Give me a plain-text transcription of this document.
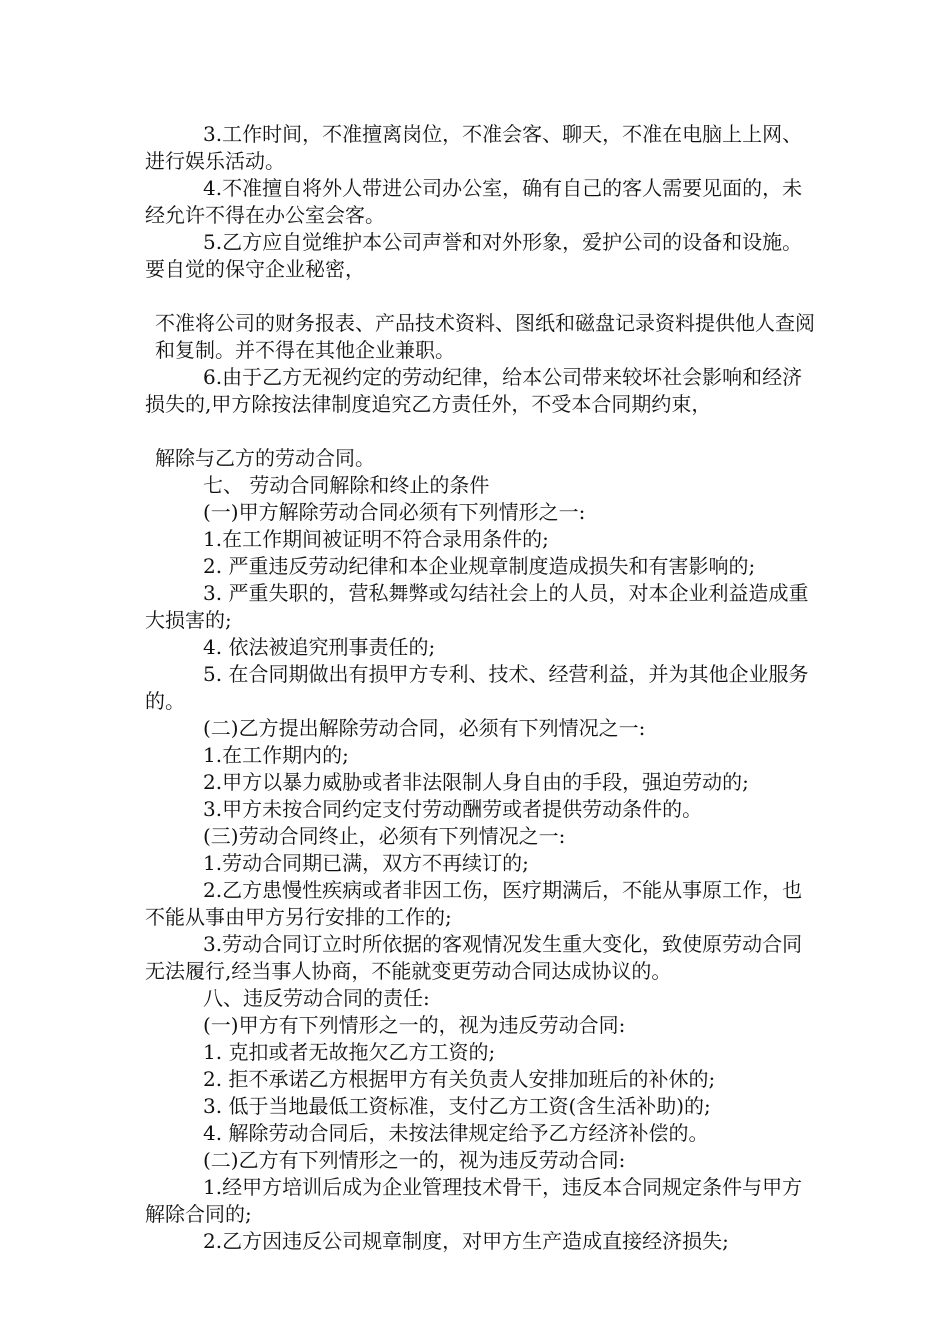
3.工作时间，不准擅离岗位，不准会客、聊天，不准在电脑上上网、进行娱乐活动。

4.不准擅自将外人带进公司办公室，确有自己的客人需要见面的，未经允许不得在办公室会客。

5.乙方应自觉维护本公司声誉和对外形象，爱护公司的设备和设施。要自觉的保守企业秘密，

不准将公司的财务报表、产品技术资料、图纸和磁盘记录资料提供他人查阅和复制。并不得在其他企业兼职。

6.由于乙方无视约定的劳动纪律，给本公司带来较坏社会影响和经济损失的,甲方除按法律制度追究乙方责任外，不受本合同期约束，

解除与乙方的劳动合同。

七、 劳动合同解除和终止的条件

(一)甲方解除劳动合同必须有下列情形之一:

1.在工作期间被证明不符合录用条件的;

2. 严重违反劳动纪律和本企业规章制度造成损失和有害影响的;

3. 严重失职的，营私舞弊或勾结社会上的人员，对本企业利益造成重大损害的;

4. 依法被追究刑事责任的;

5. 在合同期做出有损甲方专利、技术、经营利益，并为其他企业服务的。

(二)乙方提出解除劳动合同，必须有下列情况之一:

1.在工作期内的;

2.甲方以暴力威胁或者非法限制人身自由的手段，强迫劳动的;

3.甲方未按合同约定支付劳动酬劳或者提供劳动条件的。

(三)劳动合同终止，必须有下列情况之一:

1.劳动合同期已满，双方不再续订的;

2.乙方患慢性疾病或者非因工伤，医疗期满后，不能从事原工作，也不能从事由甲方另行安排的工作的;

3.劳动合同订立时所依据的客观情况发生重大变化，致使原劳动合同无法履行,经当事人协商，不能就变更劳动合同达成协议的。

八、违反劳动合同的责任:

(一)甲方有下列情形之一的，视为违反劳动合同:

1. 克扣或者无故拖欠乙方工资的;

2. 拒不承诺乙方根据甲方有关负责人安排加班后的补休的;

3. 低于当地最低工资标准，支付乙方工资(含生活补助)的;

4. 解除劳动合同后，未按法律规定给予乙方经济补偿的。

(二)乙方有下列情形之一的，视为违反劳动合同:

1.经甲方培训后成为企业管理技术骨干，违反本合同规定条件与甲方解除合同的;

2.乙方因违反公司规章制度，对甲方生产造成直接经济损失;
